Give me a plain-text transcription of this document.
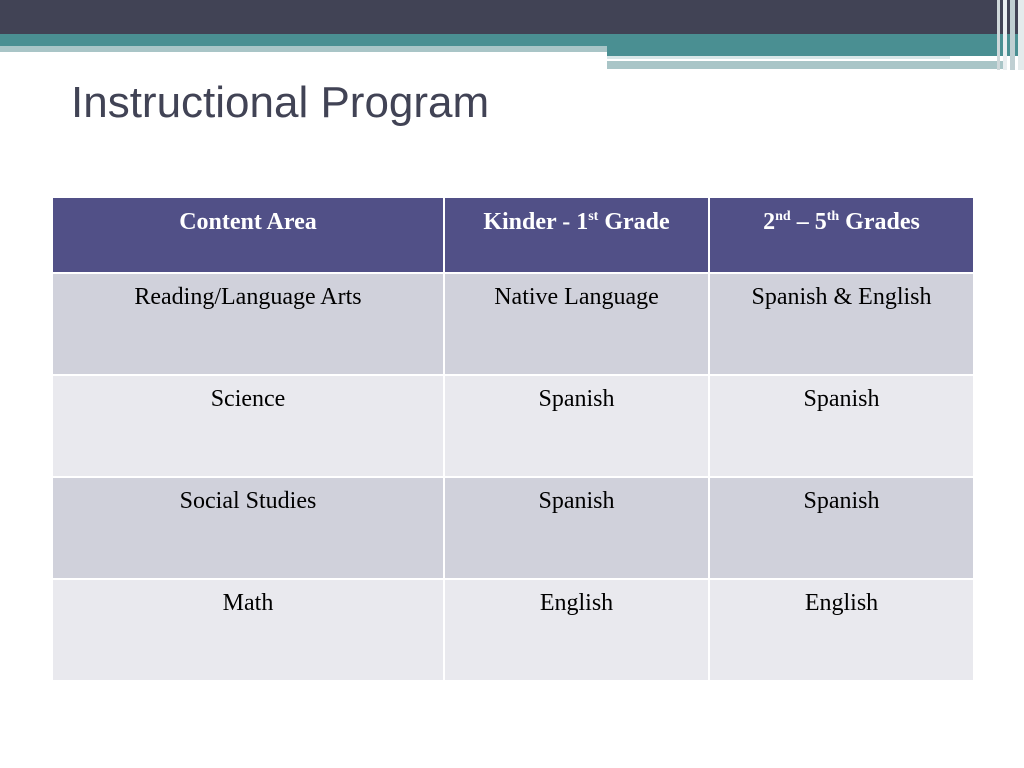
Instructional Program
Content Area	Kinder - 1st Grade	2nd – 5th Grades
Reading/Language Arts	Native Language	Spanish & English
Science	Spanish	Spanish
Social Studies	Spanish	Spanish
Math	English	English
